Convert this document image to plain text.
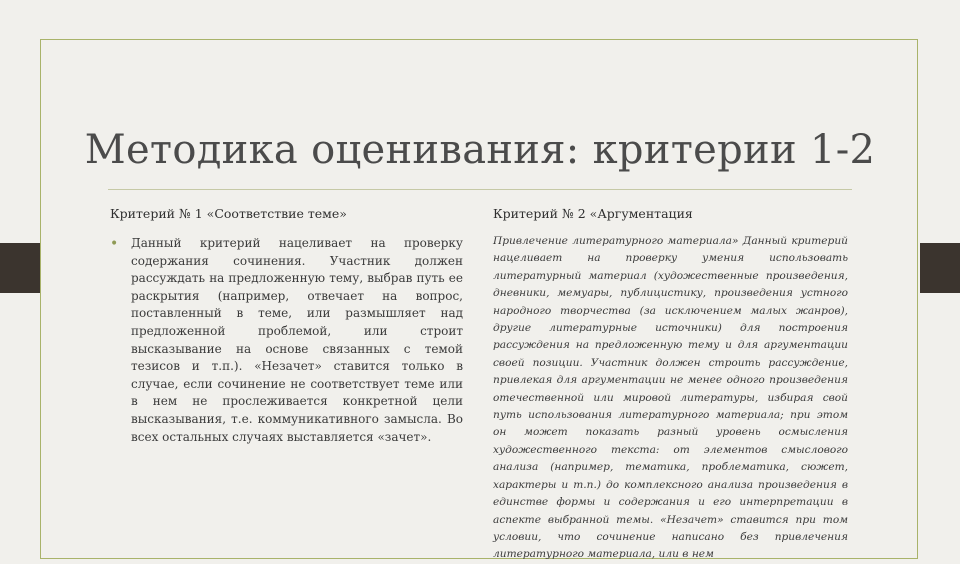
Методика оценивания: критерии 1-2
Критерий № 1 «Соответствие теме»	Критерий № 2 «Аргументация
• Данный критерий нацеливает на проверку содержания сочинения. Участник должен рассуждать на предложенную тему, выбрав путь ее раскрытия (например, отвечает на вопрос, поставленный в теме, или размышляет над предложенной проблемой, или строит высказывание на основе связанных с темой тезисов и т.п.). «Незачет» ставится только в случае, если сочинение не соответствует теме или в нем не прослеживается конкретной цели высказывания, т.е. коммуникативного замысла. Во всех остальных случаях выставляется «зачет».
Привлечение литературного материала» Данный критерий нацеливает на проверку умения использовать литературный материал (художественные произведения, дневники, мемуары, публицистику, произведения устного народного творчества (за исключением малых жанров), другие литературные источники) для построения рассуждения на предложенную тему и для аргументации своей позиции. Участник должен строить рассуждение, привлекая для аргументации не менее одного произведения отечественной или мировой литературы, избирая свой путь использования литературного материала; при этом он может показать разный уровень осмысления художественного текста: от элементов смыслового анализа (например, тематика, проблематика, сюжет, характеры и т.п.) до комплексного анализа произведения в единстве формы и содержания и его интерпретации в аспекте выбранной темы. «Незачет» ставится при том условии, что сочинение написано без привлечения литературного материала, или в нем
